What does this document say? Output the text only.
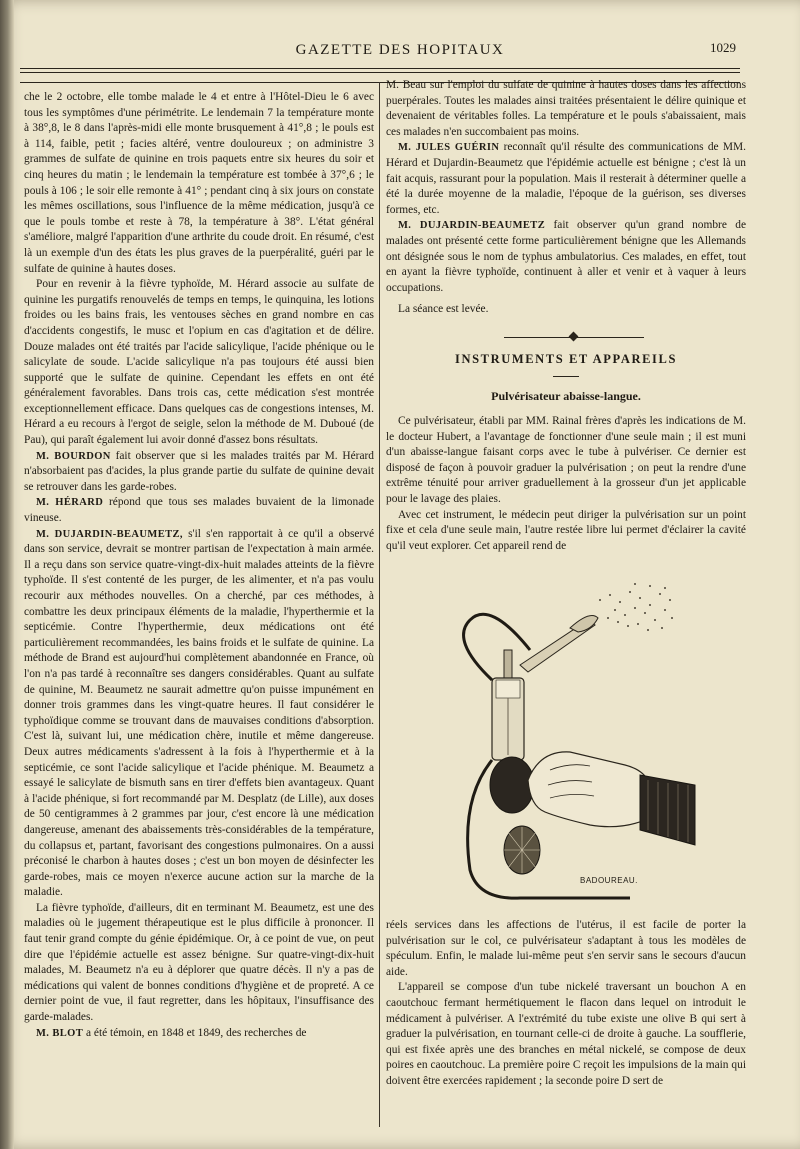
GAZETTE DES HOPITAUX	1029

che le 2 octobre, elle tombe malade le 4 et entre à l'Hôtel-Dieu le 6 avec tous les symptômes d'une périmétrite. Le lendemain 7 la température monte à 38°,8, le 8 dans l'après-midi elle monte brusquement à 41°,8 ; le pouls est à 114, faible, petit ; facies altéré, ventre douloureux ; on administre 3 grammes de sulfate de quinine en trois paquets entre six heures du soir et cinq heures du matin ; le lendemain la température est tombée à 37°,6 ; le pouls à 106 ; le soir elle remonte à 41° ; pendant cinq à six jours on constate les mêmes oscillations, sous l'influence de la même médication, jusqu'à ce que le pouls tombe et reste à 78, la température à 38°. L'état général s'améliore, malgré l'apparition d'une arthrite du coude droit. En résumé, c'est là un exemple d'un des états les plus graves de la puerpéralité, guéri par le sulfate de quinine à hautes doses.

Pour en revenir à la fièvre typhoïde, M. Hérard associe au sulfate de quinine les purgatifs renouvelés de temps en temps, le quinquina, les lotions froides ou les bains frais, les ventouses sèches en grand nombre en cas d'accidents congestifs, le musc et l'opium en cas d'agitation et de délire. Douze malades ont été traités par l'acide salicylique, l'acide phénique ou le salicylate de soude. L'acide salicylique n'a pas toujours été aussi bien supporté que le sulfate de quinine. Cependant les effets en ont été généralement favorables. Dans trois cas, cette médication s'est montrée exceptionnellement efficace. Dans quelques cas de congestions intenses, M. Hérard a eu recours à l'ergot de seigle, selon la méthode de M. Duboué (de Pau), qui paraît également lui avoir donné d'assez bons résultats.

M. BOURDON fait observer que si les malades traités par M. Hérard n'absorbaient pas d'acides, la plus grande partie du sulfate de quinine devait se retrouver dans les garde-robes.

M. HÉRARD répond que tous ses malades buvaient de la limonade vineuse.

M. DUJARDIN-BEAUMETZ, s'il s'en rapportait à ce qu'il a observé dans son service, devrait se montrer partisan de l'expectation à main armée. Il a reçu dans son service quatre-vingt-dix-huit malades atteints de la fièvre typhoïde. Il s'est contenté de les purger, de les alimenter, et n'a pas voulu recourir aux méthodes nouvelles. On a cherché, par ces méthodes, à combattre les deux principaux éléments de la maladie, l'hyperthermie et la septicémie. Contre l'hyperthermie, deux médications ont été particulièrement recommandées, les bains froids et le sulfate de quinine. La méthode de Brand est aujourd'hui complètement abandonnée en France, où l'on n'a pas tardé à reconnaître ses dangers considérables. Quant au sulfate de quinine, M. Beaumetz ne saurait admettre qu'on puisse impunément en donner trois grammes dans les vingt-quatre heures. Il faut considérer le typhoïdique comme se trouvant dans de mauvaises conditions d'absorption. C'est là, suivant lui, une médication chère, inutile et même dangereuse. Deux autres médicaments s'adressent à la fois à l'hyperthermie et à la septicémie, ce sont l'acide salicylique et l'acide phénique. M. Beaumetz a essayé le salicylate de bismuth sans en tirer d'effets bien avantageux. Quant à l'acide phénique, si fort recommandé par M. Desplatz (de Lille), aux doses de 50 centigrammes à 2 grammes par jour, c'est encore là une médication dangereuse, amenant des abaissements très-considérables de la température, du collapsus et, partant, favorisant des congestions pulmonaires. On a aussi préconisé le charbon à hautes doses ; c'est un bon moyen de désinfecter les garde-robes, mais ce moyen n'exerce aucune action sur la marche de la maladie.

La fièvre typhoïde, d'ailleurs, dit en terminant M. Beaumetz, est une des maladies où le jugement thérapeutique est le plus difficile à prononcer. Il faut tenir grand compte du génie épidémique. Or, à ce point de vue, on peut dire que l'épidémie actuelle est assez bénigne. Sur quatre-vingt-dix-huit malades, M. Beaumetz n'a eu à déplorer que quatre décès. Il n'y a pas de médications qui valent de bonnes conditions d'hygiène et de propreté. A ce dernier point de vue, il faut regretter, dans les hôpitaux, l'insuffisance des garde-malades.

M. BLOT a été témoin, en 1848 et 1849, des recherches de

M. Beau sur l'emploi du sulfate de quinine à hautes doses dans les affections puerpérales. Toutes les malades ainsi traitées présentaient le délire quinique et devenaient de véritables folles. La température et le pouls s'abaissaient, mais ces malades n'en succombaient pas moins.

M. JULES GUÉRIN reconnaît qu'il résulte des communications de MM. Hérard et Dujardin-Beaumetz que l'épidémie actuelle est bénigne ; c'est là un fait acquis, rassurant pour la population. Mais il resterait à déterminer quelle a été la durée moyenne de la maladie, l'époque de la guérison, ses diverses formes, etc.

M. DUJARDIN-BEAUMETZ fait observer qu'un grand nombre de malades ont présenté cette forme particulièrement bénigne que les Allemands ont désignée sous le nom de typhus ambulatorius. Ces malades, en effet, tout en ayant la fièvre typhoïde, continuent à aller et venir et à vaquer à leurs occupations.

La séance est levée.

INSTRUMENTS ET APPAREILS
Pulvérisateur abaisse-langue.

Ce pulvérisateur, établi par MM. Rainal frères d'après les indications de M. le docteur Hubert, a l'avantage de fonctionner d'une seule main ; il est muni d'un abaisse-langue faisant corps avec le tube à pulvériser. Ce dernier est disposé de façon à pouvoir graduer la pulvérisation ; on peut la rendre d'une extrême ténuité pour arriver graduellement à la grosseur d'un jet applicable pour le lavage des plaies.

Avec cet instrument, le médecin peut diriger la pulvérisation sur un point fixe et cela d'une seule main, l'autre restée libre lui permet d'éclairer la cavité qu'il veut explorer. Cet appareil rend de

BADOUREAU.

réels services dans les affections de l'utérus, il est facile de porter la pulvérisation sur le col, ce pulvérisateur s'adaptant à tous les modèles de spéculum. Enfin, le malade lui-même peut s'en servir sans le secours d'aucun aide.

L'appareil se compose d'un tube nickelé traversant un bouchon A en caoutchouc fermant hermétiquement le flacon dans lequel on introduit le médicament à pulvériser. A l'extrémité du tube existe une olive B qui sert à graduer la pulvérisation, en tournant celle-ci de droite à gauche. La soufflerie, qui est fixée après une des branches en métal nickelé, se compose de deux poires en caoutchouc. La première poire C reçoit les impulsions de la main qui doivent être exercées rapidement ; la seconde poire D sert de
